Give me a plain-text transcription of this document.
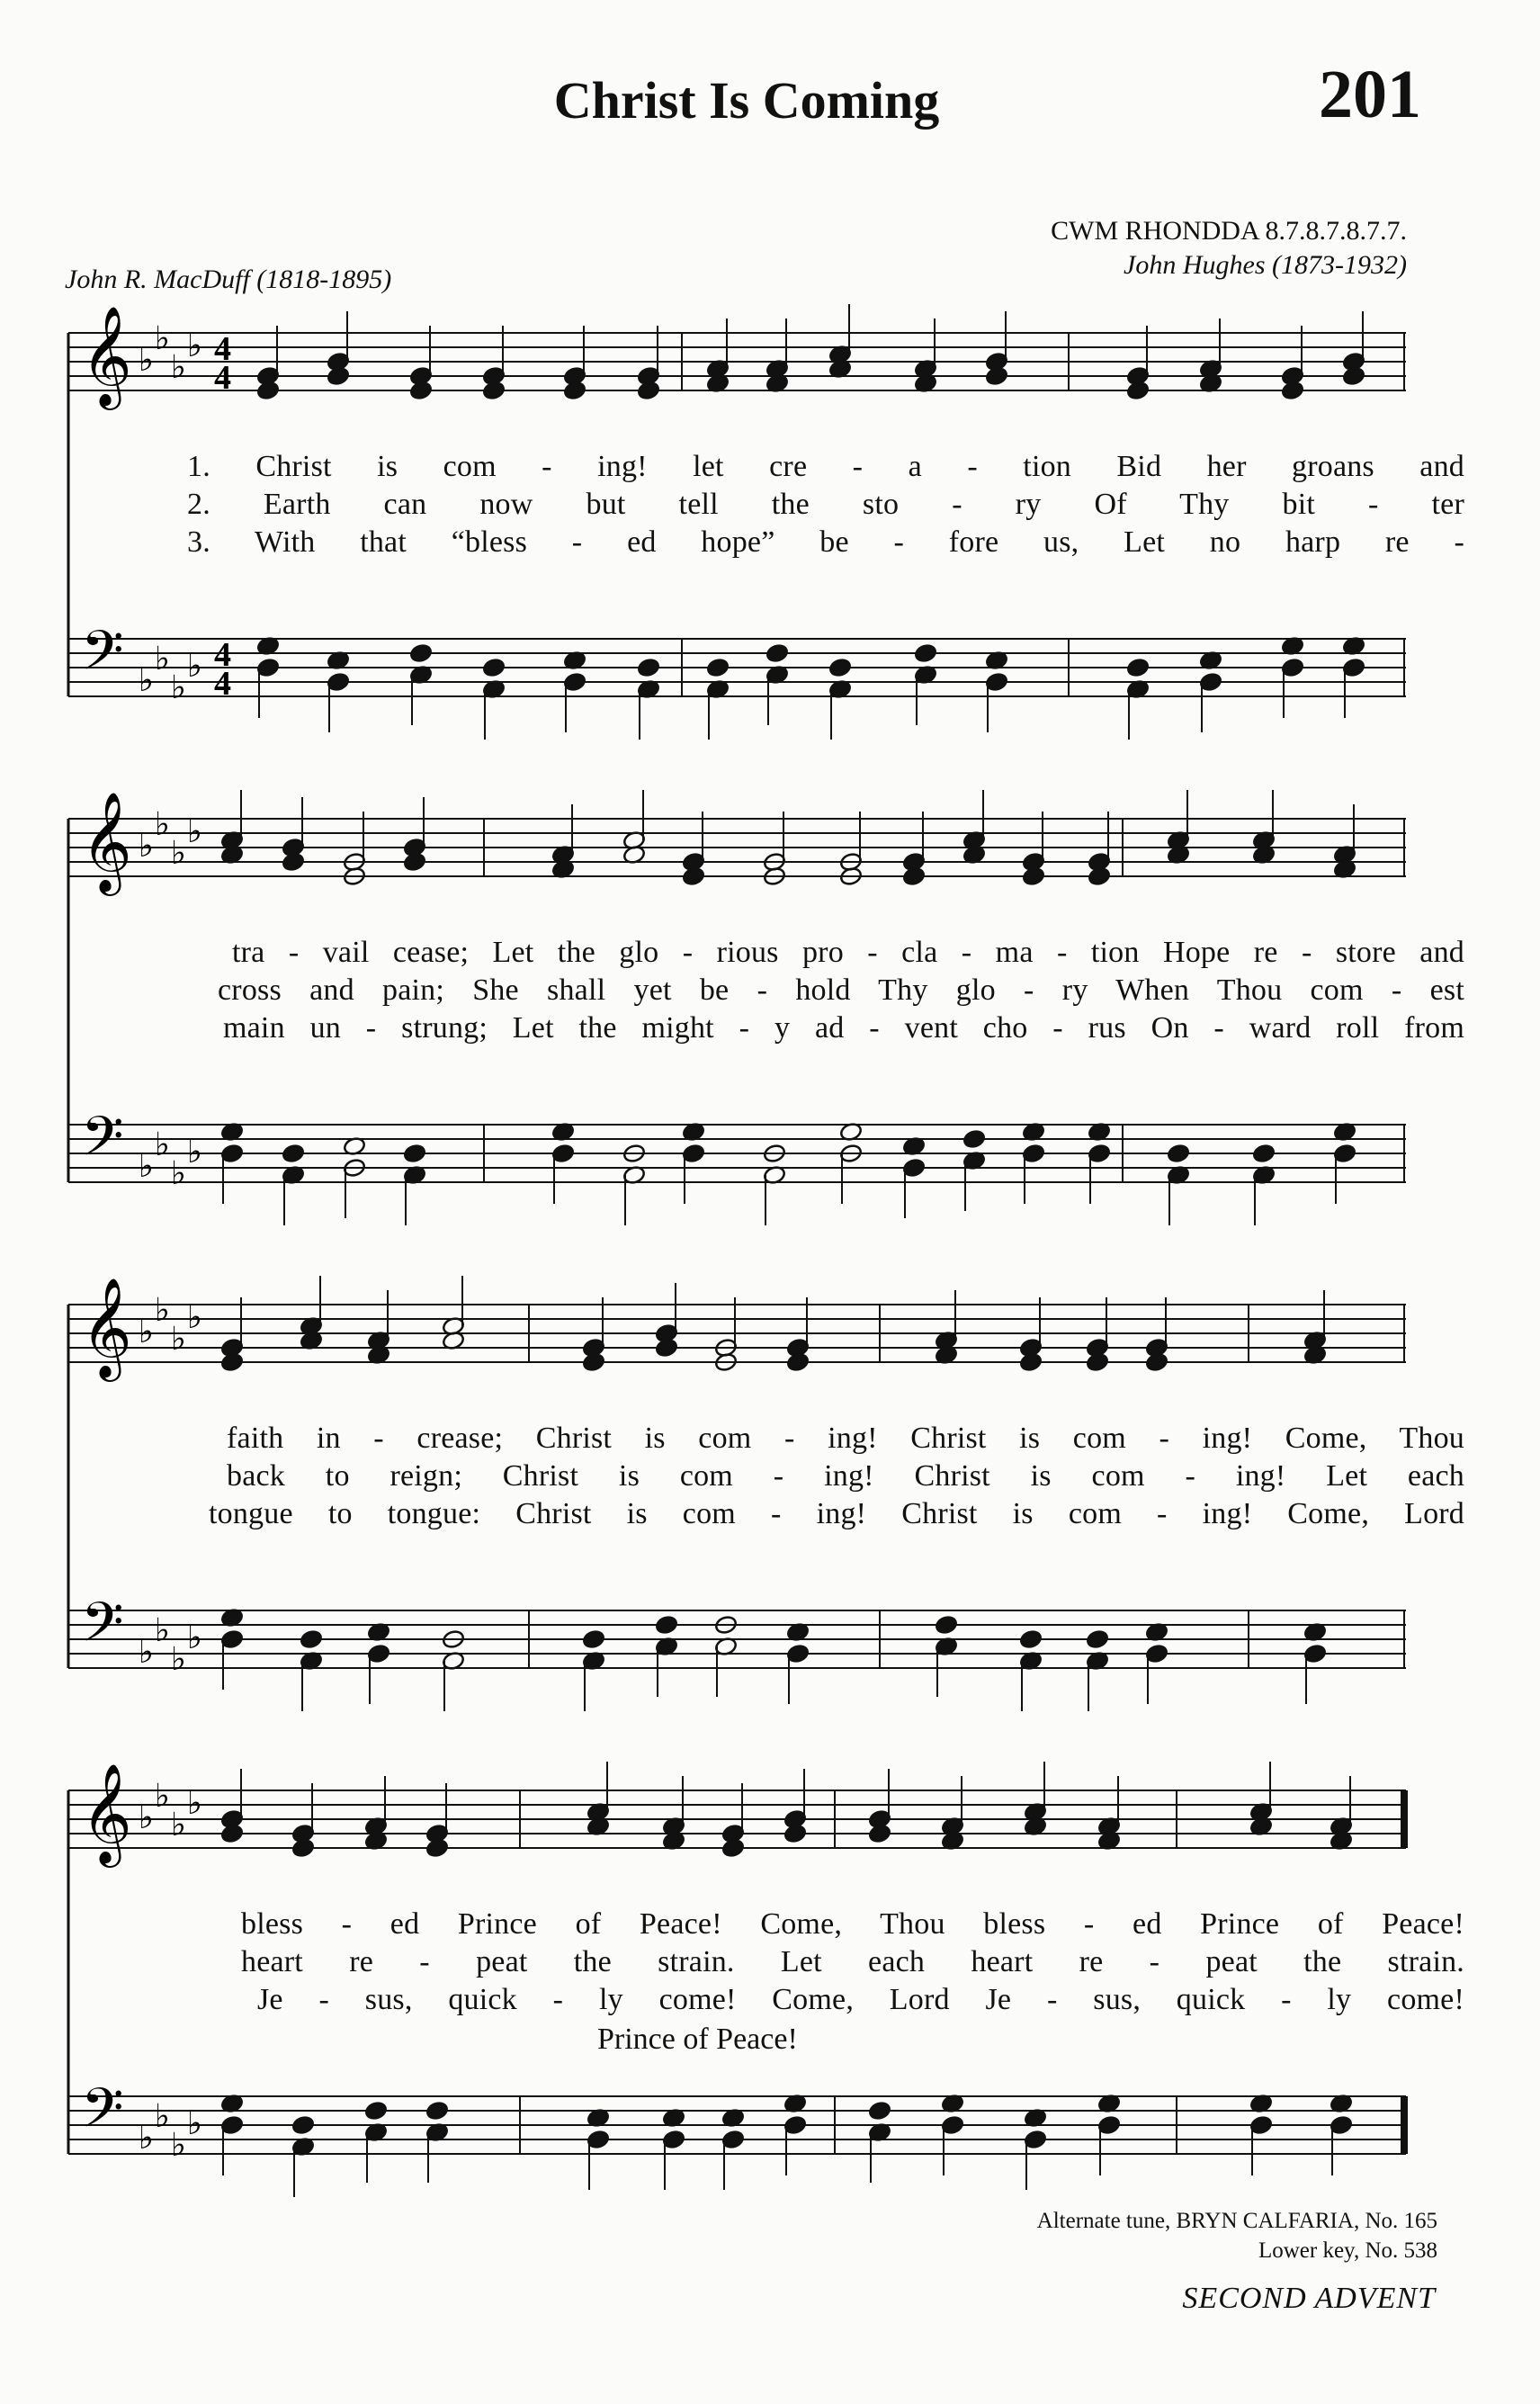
Christ Is Coming	201
CWM RHONDDA 8.7.8.7.8.7.7.
John Hughes (1873-1932)
John R. MacDuff (1818-1895)
𝄞
𝄢
♭
♭
♭
♭
♭
♭
♭
♭
4
4
4
4
1. Christ is com - ing! let cre - a - tion Bid her groans and
2. Earth can now but tell the sto - ry Of Thy bit - ter
3. With that “bless - ed hope” be - fore us, Let no harp re -
𝄞
𝄢
♭
♭
♭
♭
♭
♭
♭
♭
tra - vail cease; Let the glo - rious pro - cla - ma - tion Hope re - store and
cross and pain; She shall yet be - hold Thy glo - ry When Thou com - est
main un - strung; Let the might - y ad - vent cho - rus On - ward roll from
𝄞
𝄢
♭
♭
♭
♭
♭
♭
♭
♭
faith in - crease; Christ is com - ing! Christ is com - ing! Come, Thou
back to reign; Christ is com - ing! Christ is com - ing! Let each
tongue to tongue: Christ is com - ing! Christ is com - ing! Come, Lord
𝄞
𝄢
♭
♭
♭
♭
♭
♭
♭
♭
bless - ed Prince of Peace! Come, Thou bless - ed Prince of Peace!
heart re - peat the strain. Let each heart re - peat the strain.
Je - sus, quick - ly come! Come, Lord Je - sus, quick - ly come!
Prince of Peace!
Alternate tune, BRYN CALFARIA, No. 165
Lower key, No. 538
SECOND ADVENT
